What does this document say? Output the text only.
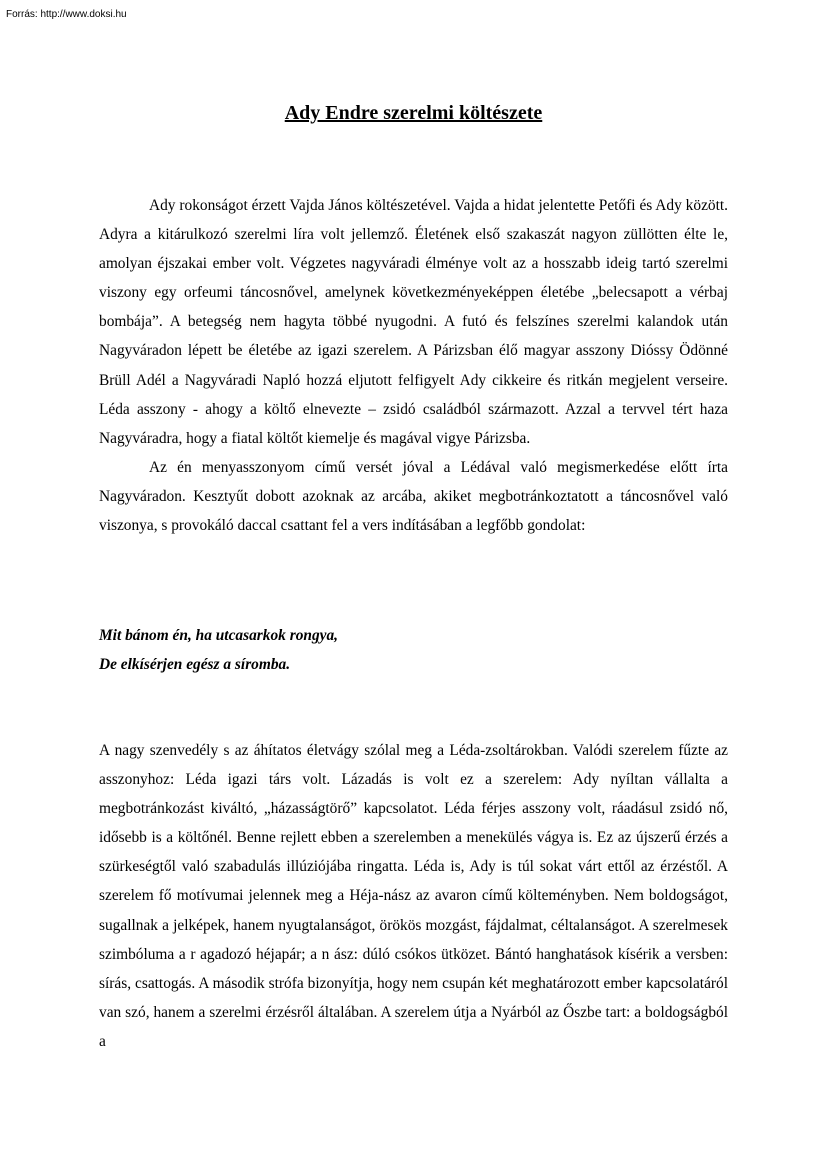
Forrás: http://www.doksi.hu
Ady Endre szerelmi költészete

Ady rokonságot érzett Vajda János költészetével. Vajda a hidat jelentette Petőfi és Ady között. Adyra a kitárulkozó szerelmi líra volt jellemző. Életének első szakaszát nagyon züllötten élte le, amolyan éjszakai ember volt. Végzetes nagyváradi élménye volt az a hosszabb ideig tartó szerelmi viszony egy orfeumi táncosnővel, amelynek következményeképpen életébe „belecsapott a vérbaj bombája”. A betegség nem hagyta többé nyugodni. A futó és felszínes szerelmi kalandok után Nagyváradon lépett be életébe az igazi szerelem. A Párizsban élő magyar asszony Dióssy Ödönné Brüll Adél a Nagyváradi Napló hozzá eljutott felfigyelt Ady cikkeire és ritkán megjelent verseire. Léda asszony - ahogy a költő elnevezte – zsidó családból származott. Azzal a tervvel tért haza Nagyváradra, hogy a fiatal költőt kiemelje és magával vigye Párizsba.

Az én menyasszonyom című versét jóval a Lédával való megismerkedése előtt írta Nagyváradon. Kesztyűt dobott azoknak az arcába, akiket megbotránkoztatott a táncosnővel való viszonya, s provokáló daccal csattant fel a vers indításában a legfőbb gondolat:

Mit bánom én, ha utcasarkok rongya,
De elkísérjen egész a síromba.

A nagy szenvedély s az áhítatos életvágy szólal meg a Léda-zsoltárokban. Valódi szerelem fűzte az asszonyhoz: Léda igazi társ volt. Lázadás is volt ez a szerelem: Ady nyíltan vállalta a megbotránkozást kiváltó, „házasságtörő” kapcsolatot. Léda férjes asszony volt, ráadásul zsidó nő, idősebb is a költőnél. Benne rejlett ebben a szerelemben a menekülés vágya is. Ez az újszerű érzés a szürkeségtől való szabadulás illúziójába ringatta. Léda is, Ady is túl sokat várt ettől az érzéstől. A szerelem fő motívumai jelennek meg a Héja-nász az avaron című költeményben. Nem boldogságot, sugallnak a jelképek, hanem nyugtalanságot, örökös mozgást, fájdalmat, céltalanságot. A szerelmesek szimbóluma a r agadozó héjapár; a n ász: dúló csókos ütközet. Bántó hanghatások kísérik a versben: sírás, csattogás. A második strófa bizonyítja, hogy nem csupán két meghatározott ember kapcsolatáról van szó, hanem a szerelmi érzésről általában. A szerelem útja a Nyárból az Őszbe tart: a boldogságból a
